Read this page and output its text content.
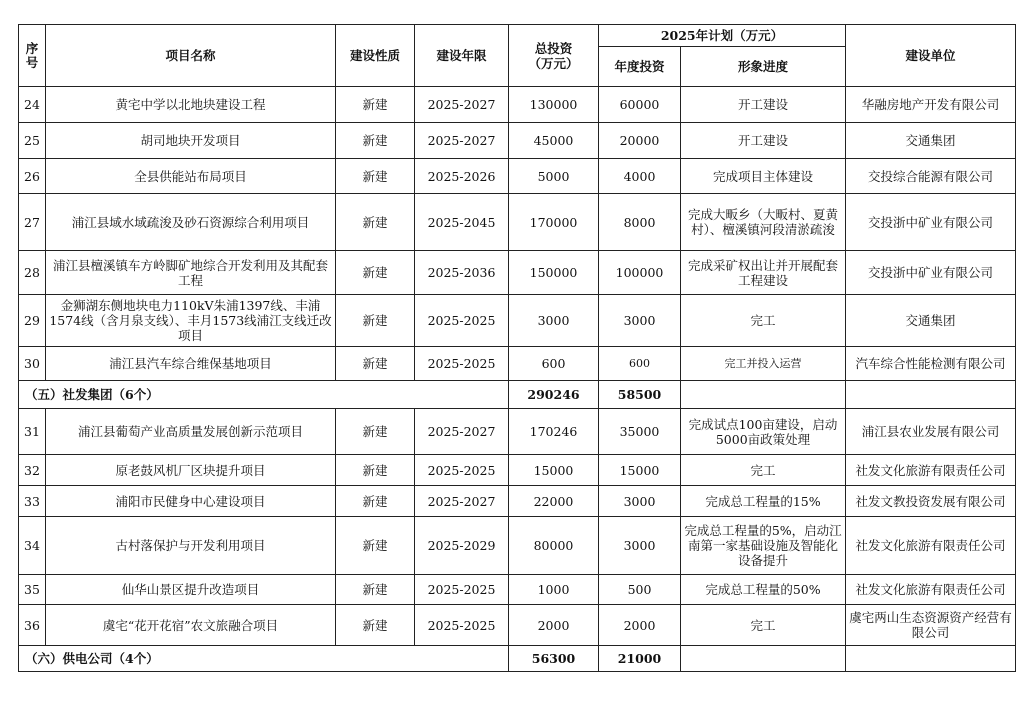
序号	项目名称	建设性质	建设年限	总投资（万元）	2025年计划（万元）		建设单位
					年度投资	形象进度	
24	黄宅中学以北地块建设工程	新建	2025-2027	130000	60000	开工建设	华融房地产开发有限公司
25	胡司地块开发项目	新建	2025-2027	45000	20000	开工建设	交通集团
26	全县供能站布局项目	新建	2025-2026	5000	4000	完成项目主体建设	交投综合能源有限公司
27	浦江县域水域疏浚及砂石资源综合利用项目	新建	2025-2045	170000	8000	完成大畈乡（大畈村、夏黄村）、檀溪镇河段清淤疏浚	交投浙中矿业有限公司
28	浦江县檀溪镇车方岭脚矿地综合开发利用及其配套工程	新建	2025-2036	150000	100000	完成采矿权出让并开展配套工程建设	交投浙中矿业有限公司
29	金狮湖东侧地块电力110kV朱浦1397线、丰浦1574线（含月泉支线）、丰月1573线浦江支线迁改项目	新建	2025-2025	3000	3000	完工	交通集团
30	浦江县汽车综合维保基地项目	新建	2025-2025	600	600	完工并投入运营	汽车综合性能检测有限公司
（五）社发集团（6个）				290246	58500		
31	浦江县葡萄产业高质量发展创新示范项目	新建	2025-2027	170246	35000	完成试点100亩建设，启动5000亩政策处理	浦江县农业发展有限公司
32	原老鼓风机厂区块提升项目	新建	2025-2025	15000	15000	完工	社发文化旅游有限责任公司
33	浦阳市民健身中心建设项目	新建	2025-2027	22000	3000	完成总工程量的15%	社发文教投资发展有限公司
34	古村落保护与开发利用项目	新建	2025-2029	80000	3000	完成总工程量的5%，启动江南第一家基础设施及智能化设备提升	社发文化旅游有限责任公司
35	仙华山景区提升改造项目	新建	2025-2025	1000	500	完成总工程量的50%	社发文化旅游有限责任公司
36	虞宅“花开花宿”农文旅融合项目	新建	2025-2025	2000	2000	完工	虞宅两山生态资源资产经营有限公司
（六）供电公司（4个）				56300	21000		
